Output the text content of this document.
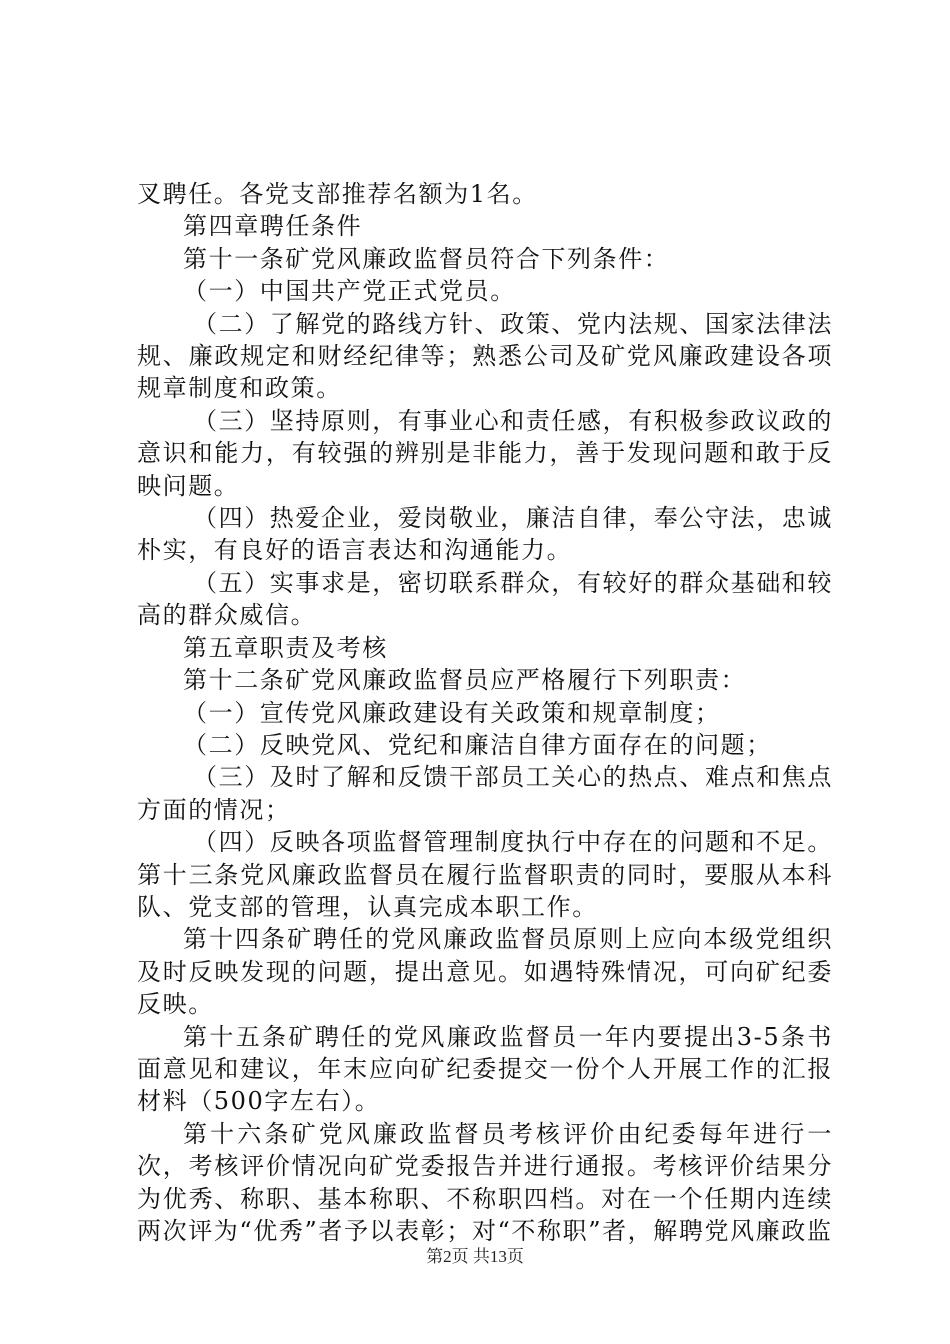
叉聘任。各党支部推荐名额为1名。

第四章聘任条件

第十一条矿党风廉政监督员符合下列条件：

（一）中国共产党正式党员。

（二）了解党的路线方针、政策、党内法规、国家法律法规、廉政规定和财经纪律等；熟悉公司及矿党风廉政建设各项规章制度和政策。

（三）坚持原则，有事业心和责任感，有积极参政议政的意识和能力，有较强的辨别是非能力，善于发现问题和敢于反映问题。

（四）热爱企业，爱岗敬业，廉洁自律，奉公守法，忠诚朴实，有良好的语言表达和沟通能力。

（五）实事求是，密切联系群众，有较好的群众基础和较高的群众威信。

第五章职责及考核

第十二条矿党风廉政监督员应严格履行下列职责：

（一）宣传党风廉政建设有关政策和规章制度；

（二）反映党风、党纪和廉洁自律方面存在的问题；

（三）及时了解和反馈干部员工关心的热点、难点和焦点方面的情况；

（四）反映各项监督管理制度执行中存在的问题和不足。

第十三条党风廉政监督员在履行监督职责的同时，要服从本科队、党支部的管理，认真完成本职工作。

第十四条矿聘任的党风廉政监督员原则上应向本级党组织及时反映发现的问题，提出意见。如遇特殊情况，可向矿纪委反映。

第十五条矿聘任的党风廉政监督员一年内要提出3-5条书面意见和建议，年末应向矿纪委提交一份个人开展工作的汇报材料（500字左右）。

第十六条矿党风廉政监督员考核评价由纪委每年进行一次，考核评价情况向矿党委报告并进行通报。考核评价结果分为优秀、称职、基本称职、不称职四档。对在一个任期内连续两次评为“优秀”者予以表彰；对“不称职”者，解聘党风廉政监

第2页 共13页
